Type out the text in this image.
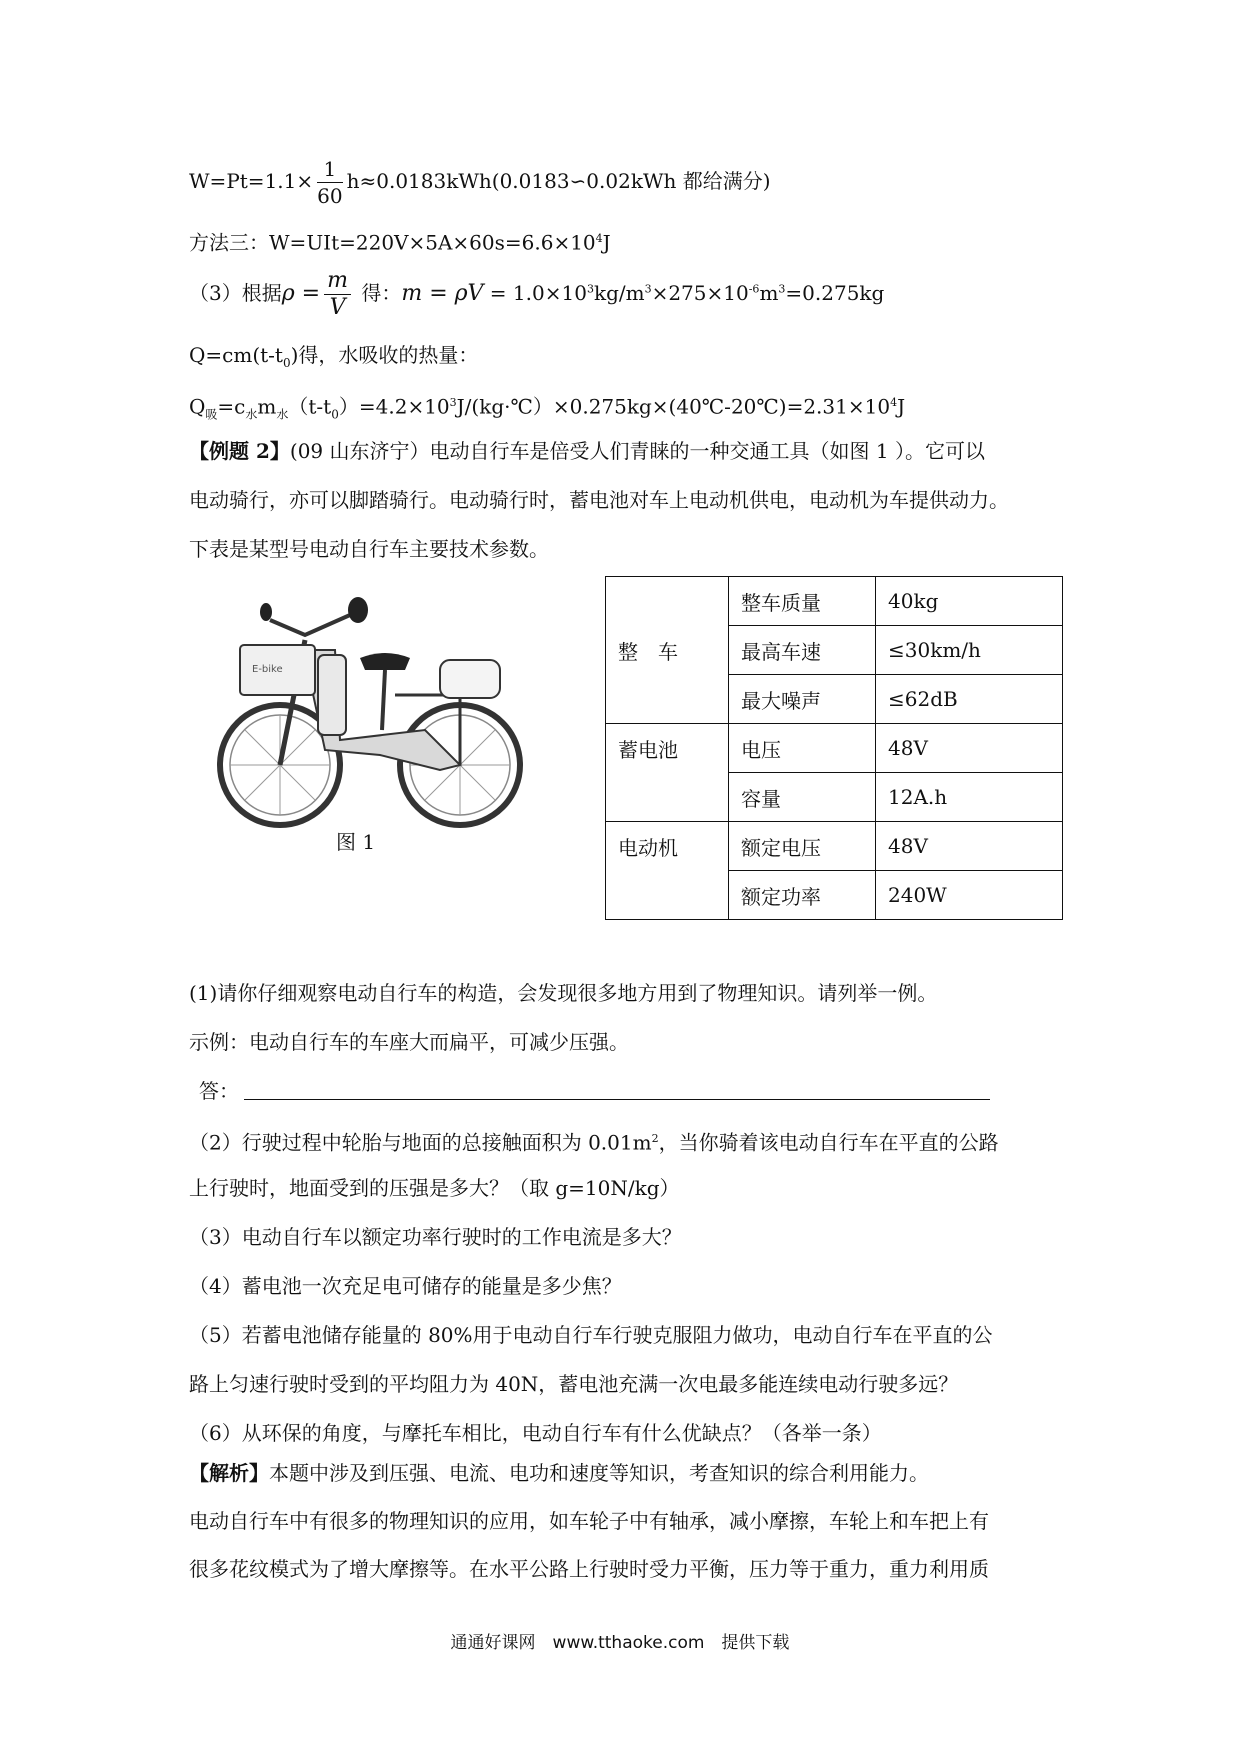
$W=Pt=1.1\times \frac{1}{60}$ h≈0.0183kWh(0.0183∽0.02kWh 都给满分)
方法三：$W=UIt=220V\times 5A\times 60s=6.6\times 10^4J$
（3）根据$\rho = \frac{m}{V}$ 得：$m = \rho V = 1.0\times 10^3kg/m^3\times 275\times 10^{-6}m^3=0.275kg$
$Q=cm(t-t_0)$得，水吸收的热量：
$Q_吸=c_水m_水(t-t_0)=4.2\times 10^3J/(kg\cdot℃)\times 0.275kg\times(40℃-20℃)=2.31\times 10^4J$
【例题 2】(09 山东济宁）电动自行车是倍受人们青睐的一种交通工具（如图 1 ）。它可以
电动骑行，亦可以脚踏骑行。电动骑行时，蓄电池对车上电动机供电，电动机为车提供动力。
下表是某型号电动自行车主要技术参数。
E-bike
图 1
整　车	整车质量	40kg
	最高车速	≤30km/h
	最大噪声	≤62dB
蓄电池	电压	48V
	容量	12A.h
电动机	额定电压	48V
	额定功率	240W
(1)请你仔细观察电动自行车的构造，会发现很多地方用到了物理知识。请列举一例。
示例：电动自行车的车座大而扁平，可减少压强。
答：
（2）行驶过程中轮胎与地面的总接触面积为 $0.01m^2$，当你骑着该电动自行车在平直的公路
上行驶时，地面受到的压强是多大？（取 g=10N/kg）
（3）电动自行车以额定功率行驶时的工作电流是多大？
（4）蓄电池一次充足电可储存的能量是多少焦？
（5）若蓄电池储存能量的 80%用于电动自行车行驶克服阻力做功，电动自行车在平直的公
路上匀速行驶时受到的平均阻力为 40N，蓄电池充满一次电最多能连续电动行驶多远？
（6）从环保的角度，与摩托车相比，电动自行车有什么优缺点？（各举一条）
【解析】本题中涉及到压强、电流、电功和速度等知识，考查知识的综合利用能力。
电动自行车中有很多的物理知识的应用，如车轮子中有轴承，减小摩擦，车轮上和车把上有
很多花纹模式为了增大摩擦等。在水平公路上行驶时受力平衡，压力等于重力，重力利用质
通通好课网　www.tthaoke.com　提供下载
